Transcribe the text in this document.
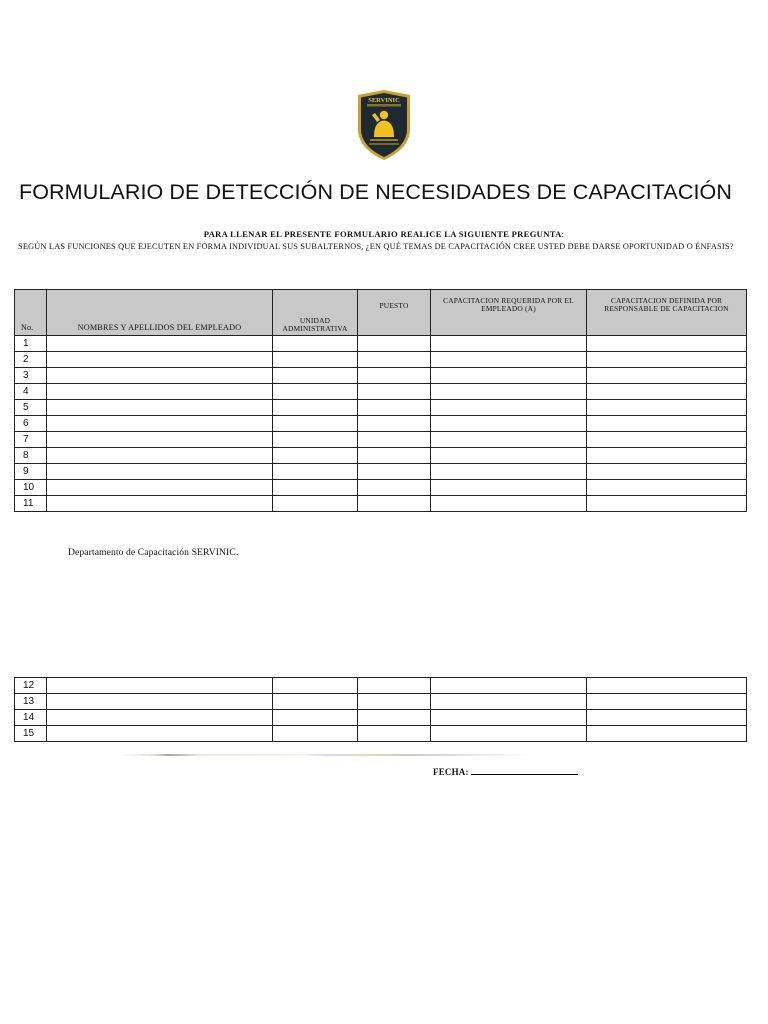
SERVINIC
FORMULARIO DE DETECCIÓN DE NECESIDADES DE CAPACITACIÓN
PARA LLENAR EL PRESENTE FORMULARIO REALICE LA SIGUIENTE PREGUNTA:
SEGÚN LAS FUNCIONES QUE EJECUTEN EN FORMA INDIVIDUAL SUS SUBALTERNOS, ¿EN QUÉ TEMAS DE CAPACITACIÓN CREE USTED DEBE DARSE OPORTUNIDAD O ÉNFASIS?
No.	NOMBRES Y APELLIDOS DEL EMPLEADO	UNIDAD ADMINISTRATIVA	PUESTO	CAPACITACION REQUERIDA POR EL EMPLEADO (A)	CAPACITACION DEFINIDA POR RESPONSABLE DE CAPACITACION
1					
2					
3					
4					
5					
6					
7					
8					
9					
10					
11					
Departamento de Capacitación SERVINIC.
12					
13					
14					
15					
FECHA:
